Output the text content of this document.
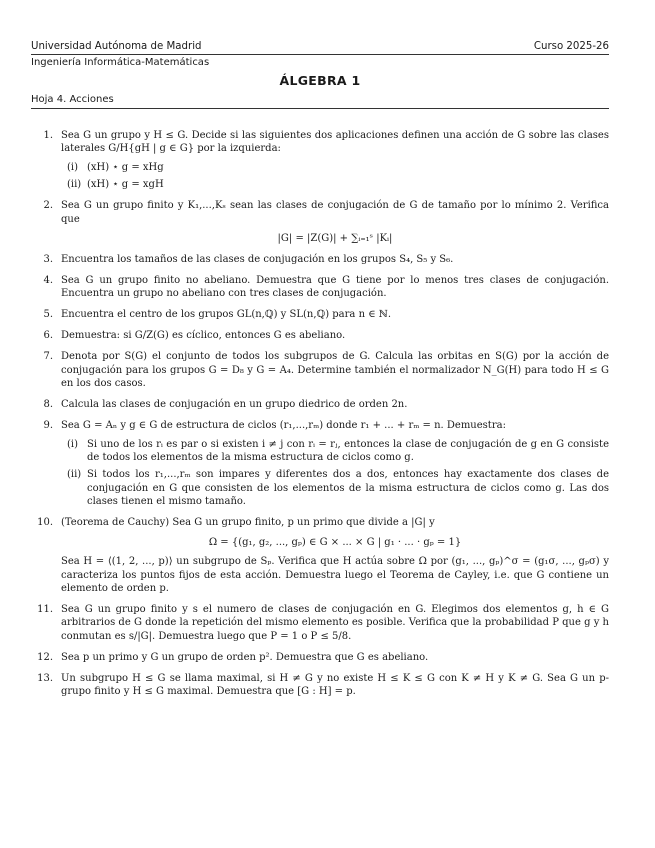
Universidad Autónoma de Madrid	Curso 2025-26
Ingeniería Informática-Matemáticas
ÁLGEBRA 1
Hoja 4. Acciones
1. Sea G un grupo y H ≤ G. Decide si las siguientes dos aplicaciones definen una acción de G sobre las clases laterales G/H{gH | g ∈ G} por la izquierda:
(i) (xH) ⋆ g = xHg
(ii) (xH) ⋆ g = xgH
2. Sea G un grupo finito y K₁,...,Kₛ sean las clases de conjugación de G de tamaño por lo mínimo 2. Verifica que
|G| = |Z(G)| + ∑ᵢ₌₁ˢ |Kᵢ|
3. Encuentra los tamaños de las clases de conjugación en los grupos S₄, S₅ y S₆.
4. Sea G un grupo finito no abeliano. Demuestra que G tiene por lo menos tres clases de conjugación. Encuentra un grupo no abeliano con tres clases de conjugación.
5. Encuentra el centro de los grupos GL(n,ℚ) y SL(n,ℚ) para n ∈ ℕ.
6. Demuestra: si G/Z(G) es cíclico, entonces G es abeliano.
7. Denota por S(G) el conjunto de todos los subgrupos de G. Calcula las orbitas en S(G) por la acción de conjugación para los grupos G = D₈ y G = A₄. Determine también el normalizador N_G(H) para todo H ≤ G en los dos casos.
8. Calcula las clases de conjugación en un grupo diedrico de orden 2n.
9. Sea G = Aₙ y g ∈ G de estructura de ciclos (r₁,...,rₘ) donde r₁ + ... + rₘ = n. Demuestra:
(i) Si uno de los rᵢ es par o si existen i ≠ j con rᵢ = rⱼ, entonces la clase de conjugación de g en G consiste de todos los elementos de la misma estructura de ciclos como g.
(ii) Si todos los r₁,...,rₘ son impares y diferentes dos a dos, entonces hay exactamente dos clases de conjugación en G que consisten de los elementos de la misma estructura de ciclos como g. Las dos clases tienen el mismo tamaño.
10. (Teorema de Cauchy) Sea G un grupo finito, p un primo que divide a |G| y
Ω = {(g₁, g₂, ..., gₚ) ∈ G × ... × G | g₁ · ... · gₚ = 1}
Sea H = ⟨(1, 2, ..., p)⟩ un subgrupo de Sₚ. Verifica que H actúa sobre Ω por (g₁, ..., gₚ)^σ = (g₁σ, ..., gₚσ) y caracteriza los puntos fijos de esta acción. Demuestra luego el Teorema de Cayley, i.e. que G contiene un elemento de orden p.
11. Sea G un grupo finito y s el numero de clases de conjugación en G. Elegimos dos elementos g, h ∈ G arbitrarios de G donde la repetición del mismo elemento es posible. Verifica que la probabilidad P que g y h conmutan es s/|G|. Demuestra luego que P = 1 o P ≤ 5/8.
12. Sea p un primo y G un grupo de orden p². Demuestra que G es abeliano.
13. Un subgrupo H ≤ G se llama maximal, si H ≠ G y no existe H ≤ K ≤ G con K ≠ H y K ≠ G. Sea G un p-grupo finito y H ≤ G maximal. Demuestra que [G : H] = p.
